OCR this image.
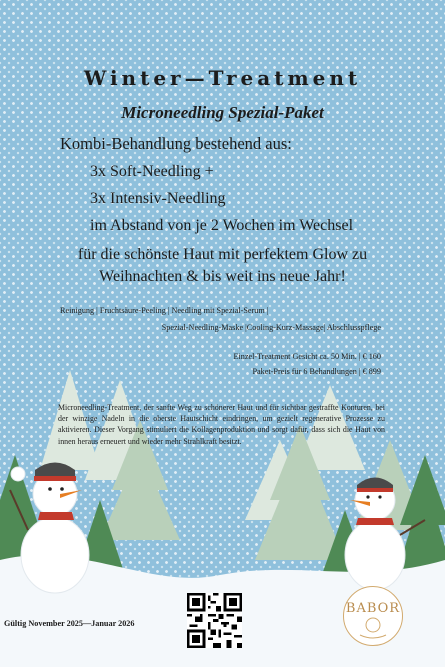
Winter—Treatment
Microneedling Spezial-Paket
Kombi-Behandlung bestehend aus:
3x Soft-Needling +
3x Intensiv-Needling
im Abstand von je 2 Wochen im Wechsel
für die schönste Haut mit perfektem Glow zu
Weihnachten & bis weit ins neue Jahr!
Reinigung | Fruchtsäure-Peeling | Needling mit Spezial-Serum |
Spezial-Needling-Maske |Cooling-Kurz-Massage| Abschlusspflege
Einzel-Treatment Gesicht ca. 50 Min. | € 160
Paket-Preis für 6 Behandlungen | € 899
Microneedling-Treatment, der sanfte Weg zu schönerer Haut und für sichtbar gestraffte Konturen, bei der winzige Nadeln in die oberste Hautschicht eindringen, um gezielt regenerative Prozesse zu aktivieren. Dieser Vorgang stimuliert die Kollagenproduktion und sorgt dafür, dass sich die Haut von innen heraus erneuert und wieder mehr Strahlkraft besitzt.
Gültig November 2025—Januar 2026
BABOR
